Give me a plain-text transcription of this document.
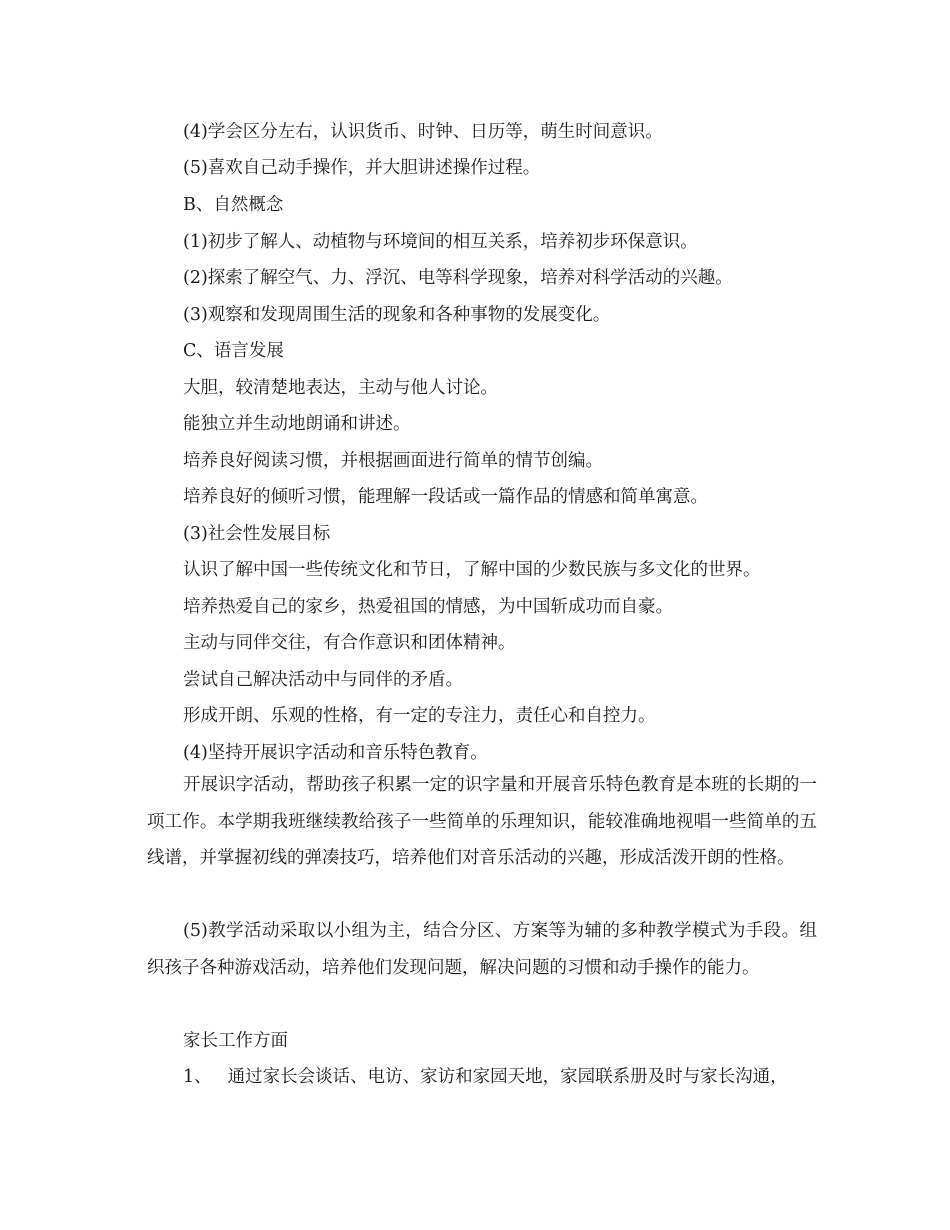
(4)学会区分左右，认识货币、时钟、日历等，萌生时间意识。
(5)喜欢自己动手操作，并大胆讲述操作过程。
B、自然概念
(1)初步了解人、动植物与环境间的相互关系，培养初步环保意识。
(2)探索了解空气、力、浮沉、电等科学现象，培养对科学活动的兴趣。
(3)观察和发现周围生活的现象和各种事物的发展变化。
C、语言发展
大胆，较清楚地表达，主动与他人讨论。
能独立并生动地朗诵和讲述。
培养良好阅读习惯，并根据画面进行简单的情节创编。
培养良好的倾听习惯，能理解一段话或一篇作品的情感和简单寓意。
(3)社会性发展目标
认识了解中国一些传统文化和节日，了解中国的少数民族与多文化的世界。
培养热爱自己的家乡，热爱祖国的情感，为中国斩成功而自豪。
主动与同伴交往，有合作意识和团体精神。
尝试自己解决活动中与同伴的矛盾。
形成开朗、乐观的性格，有一定的专注力，责任心和自控力。
(4)坚持开展识字活动和音乐特色教育。

开展识字活动，帮助孩子积累一定的识字量和开展音乐特色教育是本班的长期的一项工作。本学期我班继续教给孩子一些简单的乐理知识，能较准确地视唱一些简单的五线谱，并掌握初线的弹凑技巧，培养他们对音乐活动的兴趣，形成活泼开朗的性格。

(5)教学活动采取以小组为主，结合分区、方案等为辅的多种教学模式为手段。组织孩子各种游戏活动，培养他们发现问题，解决问题的习惯和动手操作的能力。

家长工作方面
1、 通过家长会谈话、电访、家访和家园天地，家园联系册及时与家长沟通，
